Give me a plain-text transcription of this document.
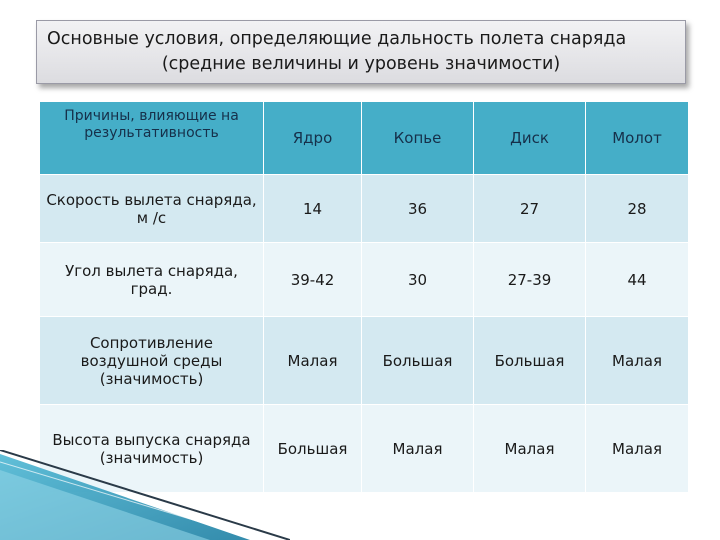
Основные условия, определяющие дальность полета снаряда
(средние величины и уровень значимости)
Причины, влияющие на результативность	Ядро	Копье	Диск	Молот
Скорость вылета снаряда, м /с	14	36	27	28
Угол вылета снаряда, град.	39-42	30	27-39	44
Сопротивление воздушной среды (значимость)	Малая	Большая	Большая	Малая
Высота выпуска снаряда (значимость)	Большая	Малая	Малая	Малая
